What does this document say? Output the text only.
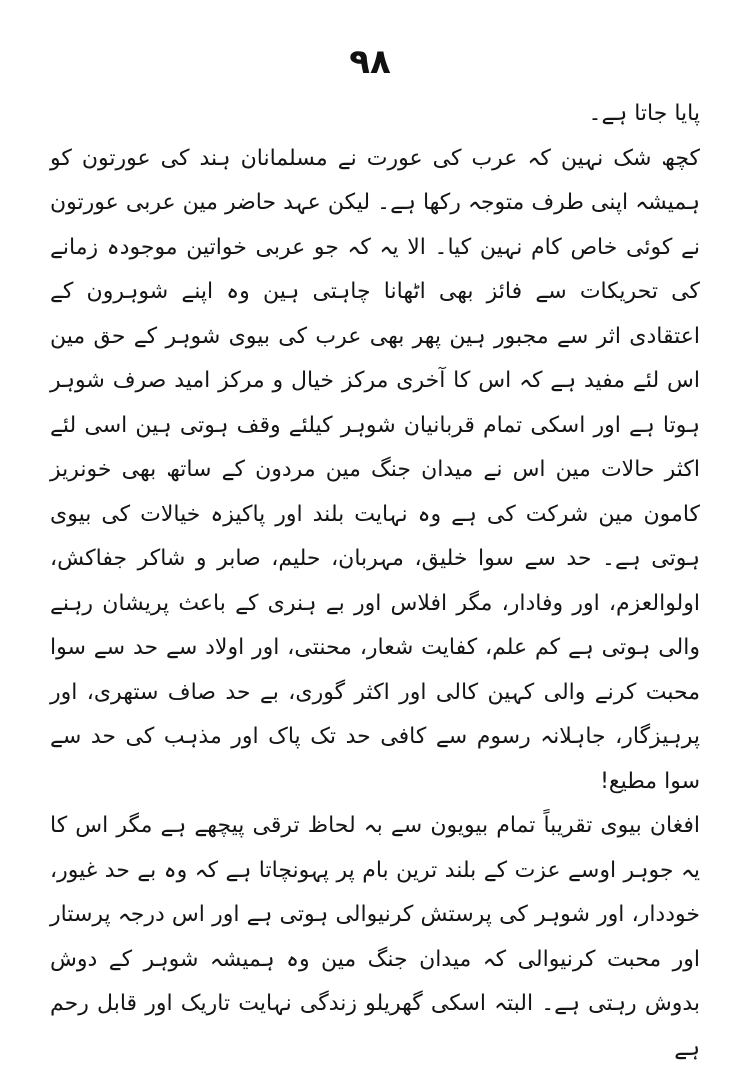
۹۸

پایا جاتا ہے۔

کچھ شک نہین کہ عرب کی عورت نے مسلمانان ہند کی عورتون کو ہمیشہ اپنی طرف متوجہ رکھا ہے۔ لیکن عہد حاضر مین عربی عورتون نے کوئی خاص کام نہین کیا۔ الا یہ کہ جو عربی خواتین موجودہ زمانے کی تحریکات سے فائز بھی اٹھانا چاہتی ہین وہ اپنے شوہرون کے اعتقادی اثر سے مجبور ہین پھر بھی عرب کی بیوی شوہر کے حق مین اس لئے مفید ہے کہ اس کا آخری مرکز خیال و مرکز امید صرف شوہر ہوتا ہے اور اسکی تمام قربانیان شوہر کیلئے وقف ہوتی ہین اسی لئے اکثر حالات مین اس نے میدان جنگ مین مردون کے ساتھ بھی خونریز کامون مین شرکت کی ہے وہ نہایت بلند اور پاکیزہ خیالات کی بیوی ہوتی ہے۔ حد سے سوا خلیق، مہربان، حلیم، صابر و شاکر جفاکش، اولوالعزم، اور وفادار، مگر افلاس اور بے ہنری کے باعث پریشان رہنے والی ہوتی ہے کم علم، کفایت شعار، محنتی، اور اولاد سے حد سے سوا محبت کرنے والی کہین کالی اور اکثر گوری، بے حد صاف ستھری، اور پرہیزگار، جاہلانہ رسوم سے کافی حد تک پاک اور مذہب کی حد سے سوا مطیع!

افغان بیوی تقریباً تمام بیویون سے بہ لحاظ ترقی پیچھے ہے مگر اس کا یہ جوہر اوسے عزت کے بلند ترین بام پر پہونچاتا ہے کہ وہ بے حد غیور، خوددار، اور شوہر کی پرستش کرنیوالی ہوتی ہے اور اس درجہ پرستار اور محبت کرنیوالی کہ میدان جنگ مین وہ ہمیشہ شوہر کے دوش بدوش رہتی ہے۔ البتہ اسکی گھریلو زندگی نہایت تاریک اور قابل رحم ہے
